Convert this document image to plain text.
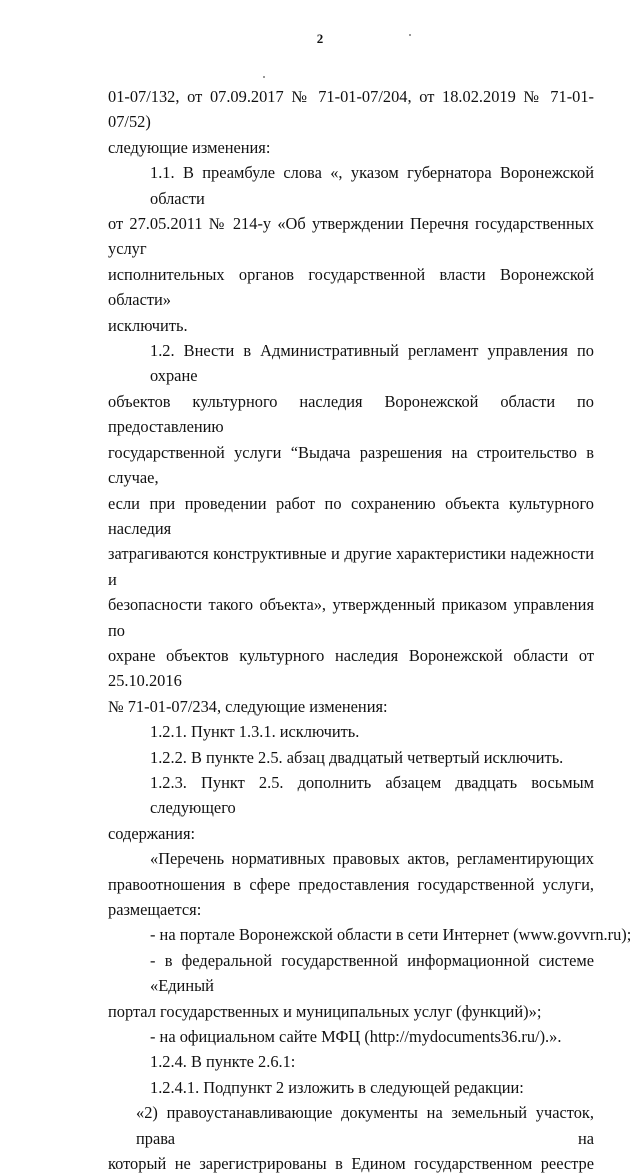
2
01-07/132, от 07.09.2017 № 71-01-07/204, от 18.02.2019 № 71-01-07/52)
следующие изменения:
1.1. В преамбуле слова «, указом губернатора Воронежской области
от 27.05.2011 № 214-у «Об утверждении Перечня государственных услуг
исполнительных органов государственной власти Воронежской области»
исключить.
1.2. Внести в Административный регламент управления по охране
объектов культурного наследия Воронежской области по предоставлению
государственной услуги “Выдача разрешения на строительство в случае,
если при проведении работ по сохранению объекта культурного наследия
затрагиваются конструктивные и другие характеристики надежности и
безопасности такого объекта», утвержденный приказом управления по
охране объектов культурного наследия Воронежской области от 25.10.2016
№ 71-01-07/234, следующие изменения:
1.2.1. Пункт 1.3.1. исключить.
1.2.2. В пункте 2.5. абзац двадцатый четвертый исключить.
1.2.3. Пункт 2.5. дополнить абзацем двадцать восьмым следующего
содержания:
«Перечень нормативных правовых актов, регламентирующих
правоотношения в сфере предоставления государственной услуги,
размещается:
- на портале Воронежской области в сети Интернет (www.govvrn.ru);
- в федеральной государственной информационной системе «Единый
портал государственных и муниципальных услуг (функций)»;
- на официальном сайте МФЦ (http://mydocuments36.ru/).».
1.2.4. В пункте 2.6.1:
1.2.4.1. Подпункт 2 изложить в следующей редакции:
«2) правоустанавливающие документы на земельный участок, права на
который не зарегистрированы в Едином государственном реестре
